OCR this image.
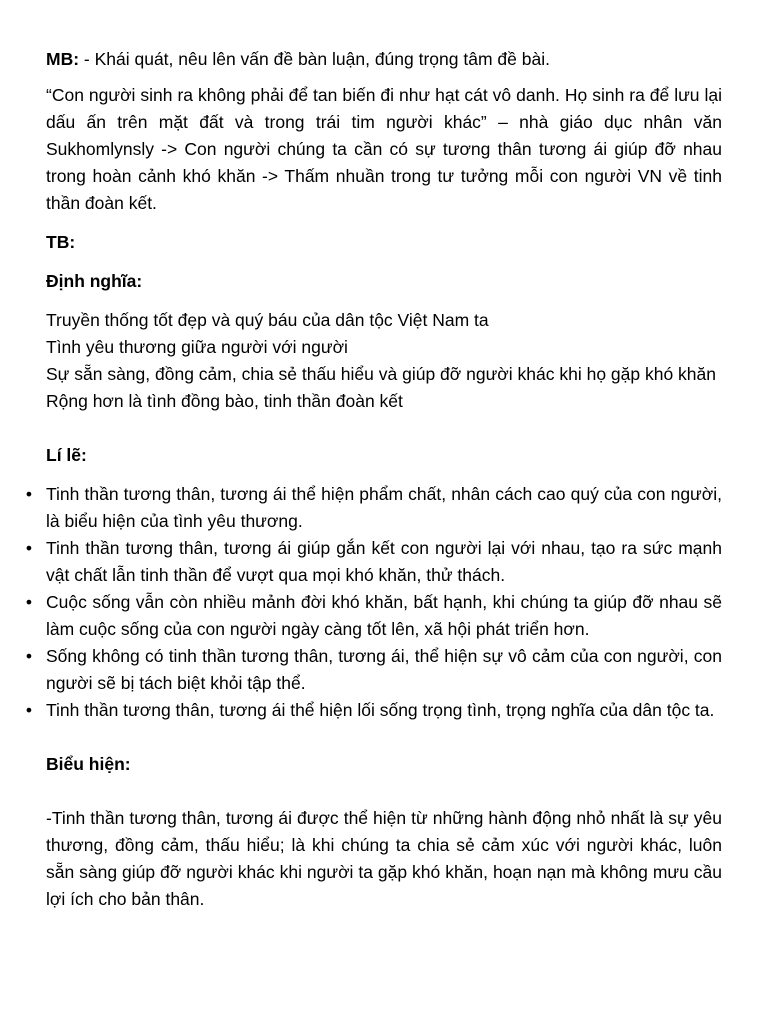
MB: - Khái quát, nêu lên vấn đề bàn luận, đúng trọng tâm đề bài.

“Con người sinh ra không phải để tan biến đi như hạt cát vô danh. Họ sinh ra để lưu lại dấu ấn trên mặt đất và trong trái tim người khác” – nhà giáo dục nhân văn Sukhomlynsly -> Con người chúng ta cần có sự tương thân tương ái giúp đỡ nhau trong hoàn cảnh khó khăn -> Thấm nhuần trong tư tưởng mỗi con người VN về tinh thần đoàn kết.

TB:

Định nghĩa:

Truyền thống tốt đẹp và quý báu của dân tộc Việt Nam ta

Tình yêu thương giữa người với người

Sự sẵn sàng, đồng cảm, chia sẻ thấu hiểu và giúp đỡ người khác khi họ gặp khó khăn

Rộng hơn là tình đồng bào, tinh thần đoàn kết

Lí lẽ:

• Tinh thần tương thân, tương ái thể hiện phẩm chất, nhân cách cao quý của con người, là biểu hiện của tình yêu thương.
• Tinh thần tương thân, tương ái giúp gắn kết con người lại với nhau, tạo ra sức mạnh vật chất lẫn tinh thần để vượt qua mọi khó khăn, thử thách.
• Cuộc sống vẫn còn nhiều mảnh đời khó khăn, bất hạnh, khi chúng ta giúp đỡ nhau sẽ làm cuộc sống của con người ngày càng tốt lên, xã hội phát triển hơn.
• Sống không có tinh thần tương thân, tương ái, thể hiện sự vô cảm của con người, con người sẽ bị tách biệt khỏi tập thể.
• Tinh thần tương thân, tương ái thể hiện lối sống trọng tình, trọng nghĩa của dân tộc ta.

Biểu hiện:

-Tinh thần tương thân, tương ái được thể hiện từ những hành động nhỏ nhất là sự yêu thương, đồng cảm, thấu hiểu; là khi chúng ta chia sẻ cảm xúc với người khác, luôn sẵn sàng giúp đỡ người khác khi người ta gặp khó khăn, hoạn nạn mà không mưu cầu lợi ích cho bản thân.
